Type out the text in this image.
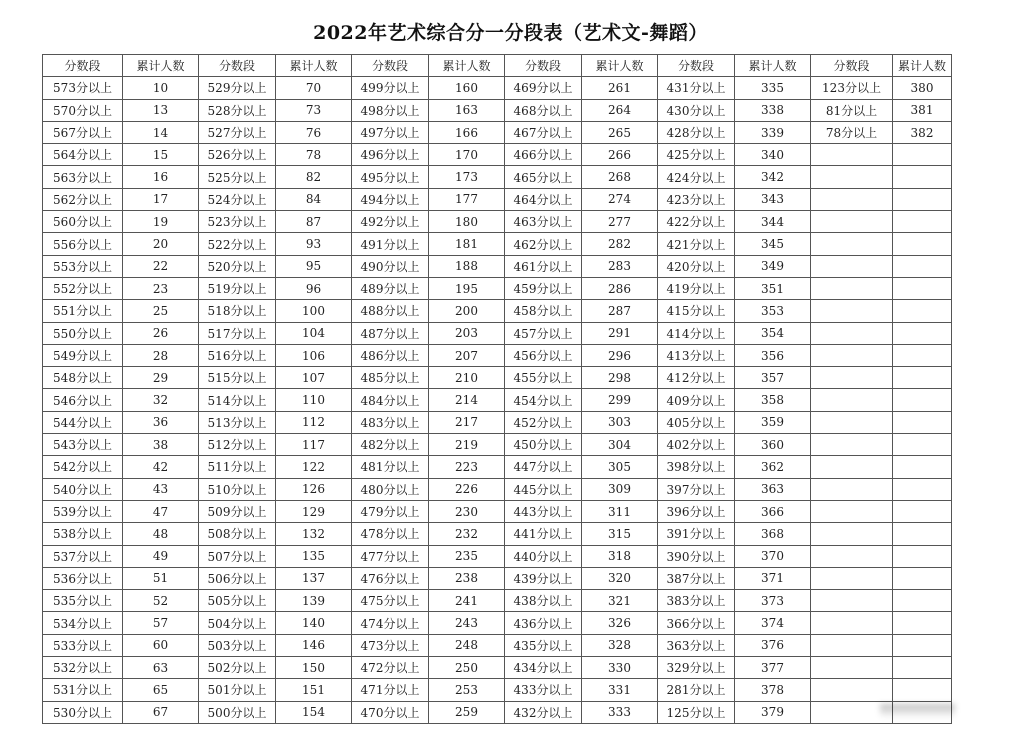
2022年艺术综合分一分段表（艺术文-舞蹈）
分数段	累计人数	分数段	累计人数	分数段	累计人数	分数段	累计人数	分数段	累计人数	分数段	累计人数
573分以上	10	529分以上	70	499分以上	160	469分以上	261	431分以上	335	123分以上	380
570分以上	13	528分以上	73	498分以上	163	468分以上	264	430分以上	338	81分以上	381
567分以上	14	527分以上	76	497分以上	166	467分以上	265	428分以上	339	78分以上	382
564分以上	15	526分以上	78	496分以上	170	466分以上	266	425分以上	340		
563分以上	16	525分以上	82	495分以上	173	465分以上	268	424分以上	342		
562分以上	17	524分以上	84	494分以上	177	464分以上	274	423分以上	343		
560分以上	19	523分以上	87	492分以上	180	463分以上	277	422分以上	344		
556分以上	20	522分以上	93	491分以上	181	462分以上	282	421分以上	345		
553分以上	22	520分以上	95	490分以上	188	461分以上	283	420分以上	349		
552分以上	23	519分以上	96	489分以上	195	459分以上	286	419分以上	351		
551分以上	25	518分以上	100	488分以上	200	458分以上	287	415分以上	353		
550分以上	26	517分以上	104	487分以上	203	457分以上	291	414分以上	354		
549分以上	28	516分以上	106	486分以上	207	456分以上	296	413分以上	356		
548分以上	29	515分以上	107	485分以上	210	455分以上	298	412分以上	357		
546分以上	32	514分以上	110	484分以上	214	454分以上	299	409分以上	358		
544分以上	36	513分以上	112	483分以上	217	452分以上	303	405分以上	359		
543分以上	38	512分以上	117	482分以上	219	450分以上	304	402分以上	360		
542分以上	42	511分以上	122	481分以上	223	447分以上	305	398分以上	362		
540分以上	43	510分以上	126	480分以上	226	445分以上	309	397分以上	363		
539分以上	47	509分以上	129	479分以上	230	443分以上	311	396分以上	366		
538分以上	48	508分以上	132	478分以上	232	441分以上	315	391分以上	368		
537分以上	49	507分以上	135	477分以上	235	440分以上	318	390分以上	370		
536分以上	51	506分以上	137	476分以上	238	439分以上	320	387分以上	371		
535分以上	52	505分以上	139	475分以上	241	438分以上	321	383分以上	373		
534分以上	57	504分以上	140	474分以上	243	436分以上	326	366分以上	374		
533分以上	60	503分以上	146	473分以上	248	435分以上	328	363分以上	376		
532分以上	63	502分以上	150	472分以上	250	434分以上	330	329分以上	377		
531分以上	65	501分以上	151	471分以上	253	433分以上	331	281分以上	378		
530分以上	67	500分以上	154	470分以上	259	432分以上	333	125分以上	379		
